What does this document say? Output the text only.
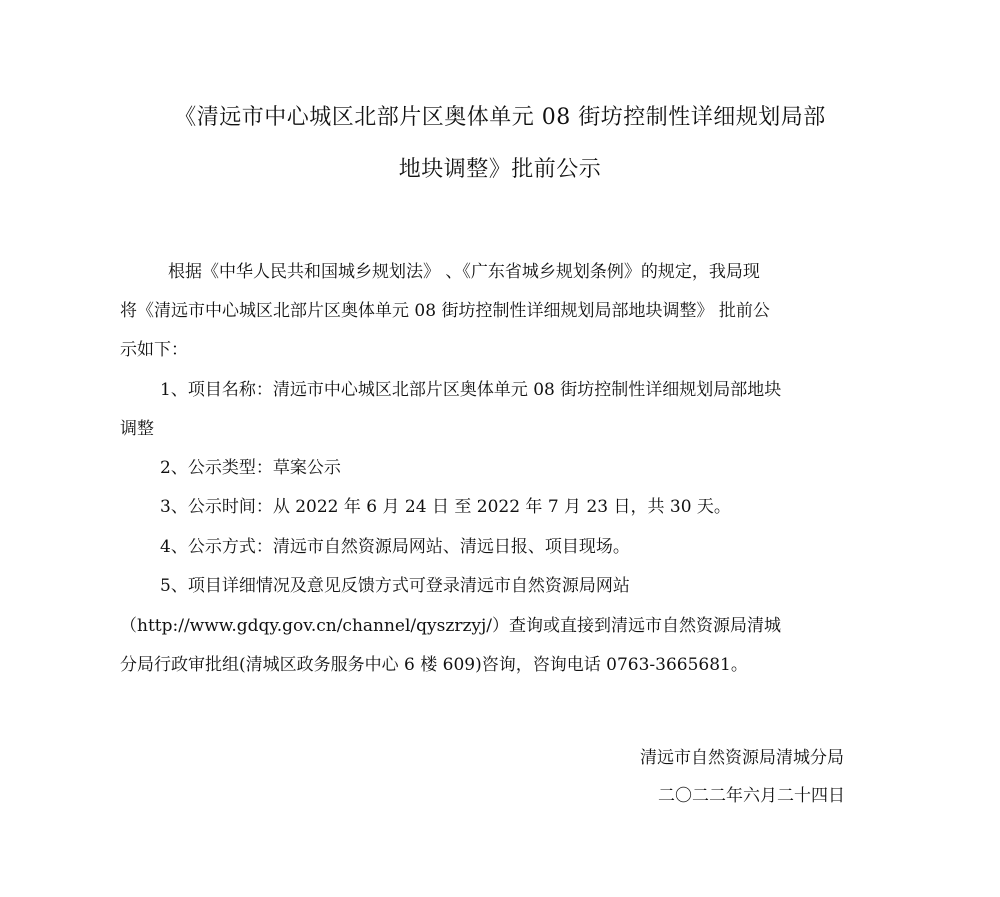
《清远市中心城区北部片区奥体单元 08 街坊控制性详细规划局部
地块调整》批前公示
根据《中华人民共和国城乡规划法》 、《广东省城乡规划条例》的规定，我局现
将《清远市中心城区北部片区奥体单元 08 街坊控制性详细规划局部地块调整》 批前公
示如下：
1、项目名称：清远市中心城区北部片区奥体单元 08 街坊控制性详细规划局部地块
调整
2、公示类型：草案公示
3、公示时间：从 2022 年 6 月 24 日 至 2022 年 7 月 23 日，共 30 天。
4、公示方式：清远市自然资源局网站、清远日报、项目现场。
5、项目详细情况及意见反馈方式可登录清远市自然资源局网站
（http://www.gdqy.gov.cn/channel/qyszrzyj/）查询或直接到清远市自然资源局清城
分局行政审批组(清城区政务服务中心 6 楼 609)咨询，咨询电话 0763-3665681。
清远市自然资源局清城分局
二〇二二年六月二十四日
